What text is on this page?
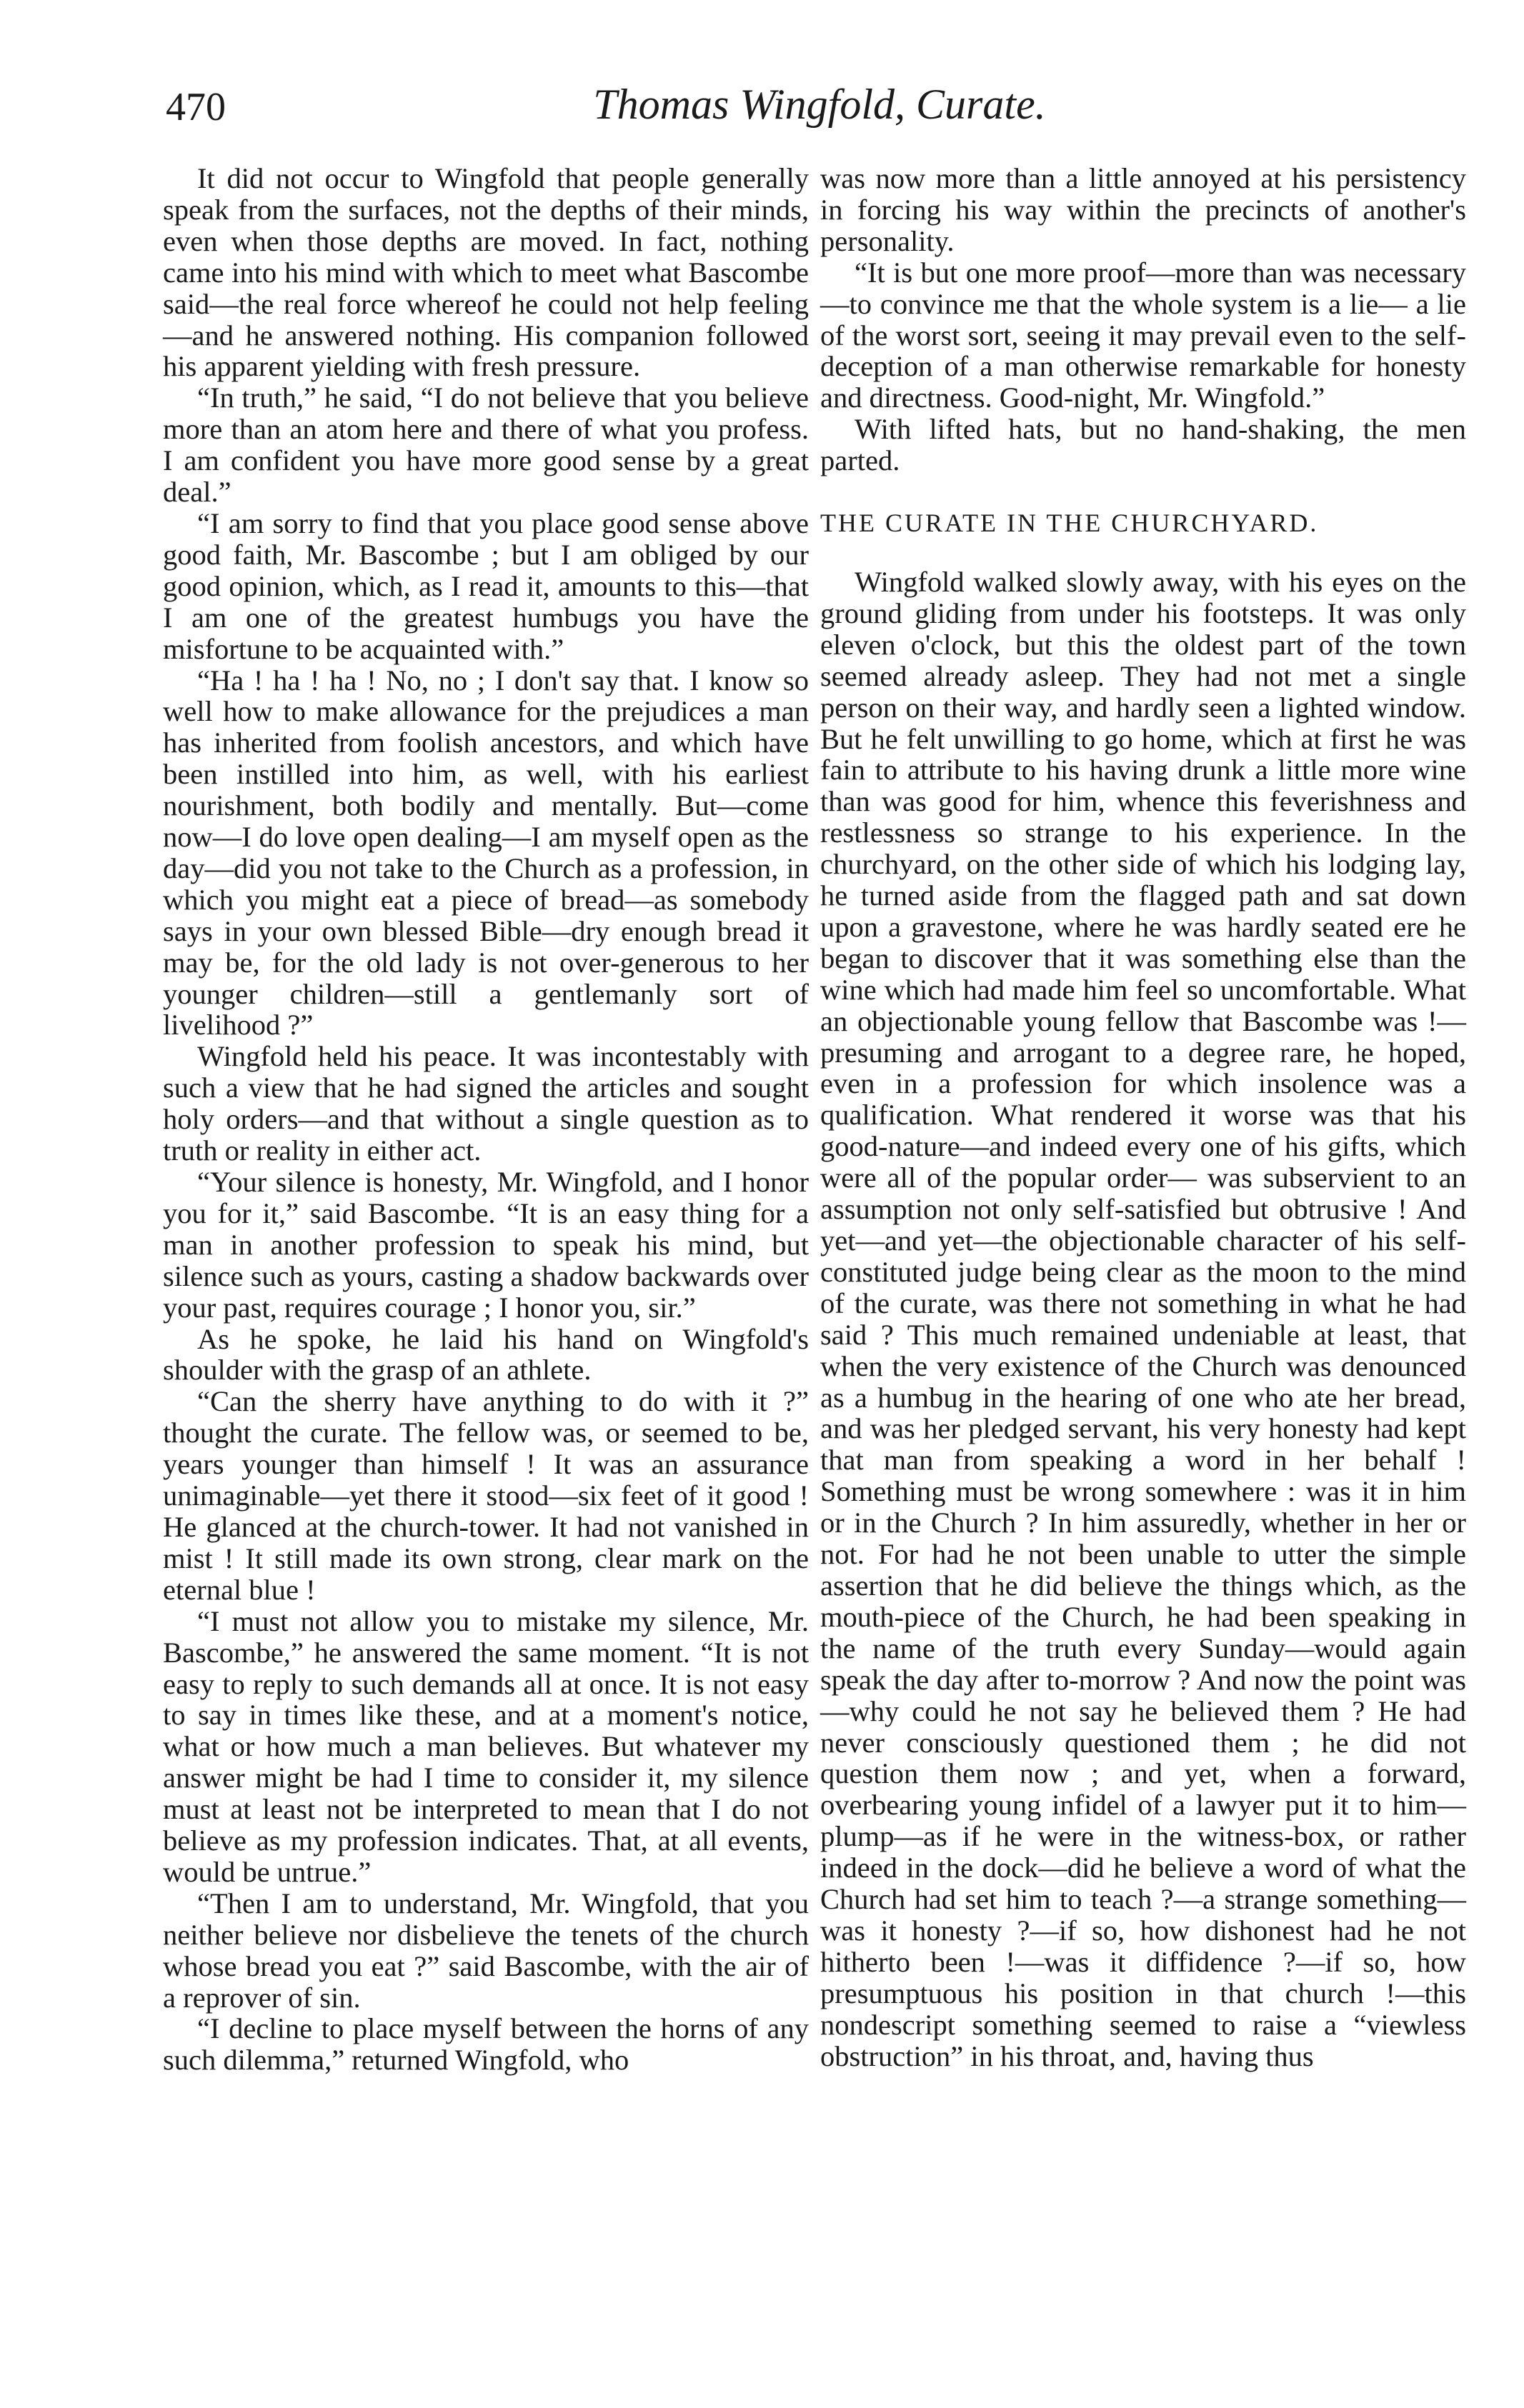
470	Thomas Wingfold, Curate.

It did not occur to Wingfold that people generally speak from the surfaces, not the depths of their minds, even when those depths are moved. In fact, nothing came into his mind with which to meet what Bascombe said—the real force whereof he could not help feeling—and he answered nothing. His companion followed his apparent yielding with fresh pressure.

“In truth,” he said, “I do not believe that you believe more than an atom here and there of what you profess. I am confident you have more good sense by a great deal.”

“I am sorry to find that you place good sense above good faith, Mr. Bascombe ; but I am obliged by our good opinion, which, as I read it, amounts to this—that I am one of the greatest humbugs you have the misfortune to be acquainted with.”

“Ha ! ha ! ha ! No, no ; I don't say that. I know so well how to make allowance for the prejudices a man has inherited from foolish ancestors, and which have been instilled into him, as well, with his earliest nourishment, both bodily and mentally. But—come now—I do love open dealing—I am myself open as the day—did you not take to the Church as a profession, in which you might eat a piece of bread—as somebody says in your own blessed Bible—dry enough bread it may be, for the old lady is not over-generous to her younger children—still a gentlemanly sort of livelihood ?”

Wingfold held his peace. It was incontestably with such a view that he had signed the articles and sought holy orders—and that without a single question as to truth or reality in either act.

“Your silence is honesty, Mr. Wingfold, and I honor you for it,” said Bascombe. “It is an easy thing for a man in another profession to speak his mind, but silence such as yours, casting a shadow backwards over your past, requires courage ; I honor you, sir.”

As he spoke, he laid his hand on Wingfold's shoulder with the grasp of an athlete.

“Can the sherry have anything to do with it ?” thought the curate. The fellow was, or seemed to be, years younger than himself ! It was an assurance unimaginable—yet there it stood—six feet of it good ! He glanced at the church-tower. It had not vanished in mist ! It still made its own strong, clear mark on the eternal blue !

“I must not allow you to mistake my silence, Mr. Bascombe,” he answered the same moment. “It is not easy to reply to such demands all at once. It is not easy to say in times like these, and at a moment's notice, what or how much a man believes. But whatever my answer might be had I time to consider it, my silence must at least not be interpreted to mean that I do not believe as my profession indicates. That, at all events, would be untrue.”

“Then I am to understand, Mr. Wingfold, that you neither believe nor disbelieve the tenets of the church whose bread you eat ?” said Bascombe, with the air of a reprover of sin.

“I decline to place myself between the horns of any such dilemma,” returned Wingfold, who

was now more than a little annoyed at his persistency in forcing his way within the precincts of another's personality.

“It is but one more proof—more than was necessary—to convince me that the whole system is a lie— a lie of the worst sort, seeing it may prevail even to the self-deception of a man otherwise remarkable for honesty and directness. Good-night, Mr. Wingfold.”

With lifted hats, but no hand-shaking, the men parted.

THE CURATE IN THE CHURCHYARD.

Wingfold walked slowly away, with his eyes on the ground gliding from under his footsteps. It was only eleven o'clock, but this the oldest part of the town seemed already asleep. They had not met a single person on their way, and hardly seen a lighted window. But he felt unwilling to go home, which at first he was fain to attribute to his having drunk a little more wine than was good for him, whence this feverishness and restlessness so strange to his experience. In the churchyard, on the other side of which his lodging lay, he turned aside from the flagged path and sat down upon a gravestone, where he was hardly seated ere he began to discover that it was something else than the wine which had made him feel so uncomfortable. What an objectionable young fellow that Bascombe was !—presuming and arrogant to a degree rare, he hoped, even in a profession for which insolence was a qualification. What rendered it worse was that his good-nature—and indeed every one of his gifts, which were all of the popular order— was subservient to an assumption not only self-satisfied but obtrusive ! And yet—and yet—the objectionable character of his self-constituted judge being clear as the moon to the mind of the curate, was there not something in what he had said ? This much remained undeniable at least, that when the very existence of the Church was denounced as a humbug in the hearing of one who ate her bread, and was her pledged servant, his very honesty had kept that man from speaking a word in her behalf ! Something must be wrong somewhere : was it in him or in the Church ? In him assuredly, whether in her or not. For had he not been unable to utter the simple assertion that he did believe the things which, as the mouth-piece of the Church, he had been speaking in the name of the truth every Sunday—would again speak the day after to-morrow ? And now the point was—why could he not say he believed them ? He had never consciously questioned them ; he did not question them now ; and yet, when a forward, overbearing young infidel of a lawyer put it to him—plump—as if he were in the witness-box, or rather indeed in the dock—did he believe a word of what the Church had set him to teach ?—a strange something—was it honesty ?—if so, how dishonest had he not hitherto been !—was it diffidence ?—if so, how presumptuous his position in that church !—this nondescript something seemed to raise a “viewless obstruction” in his throat, and, having thus
